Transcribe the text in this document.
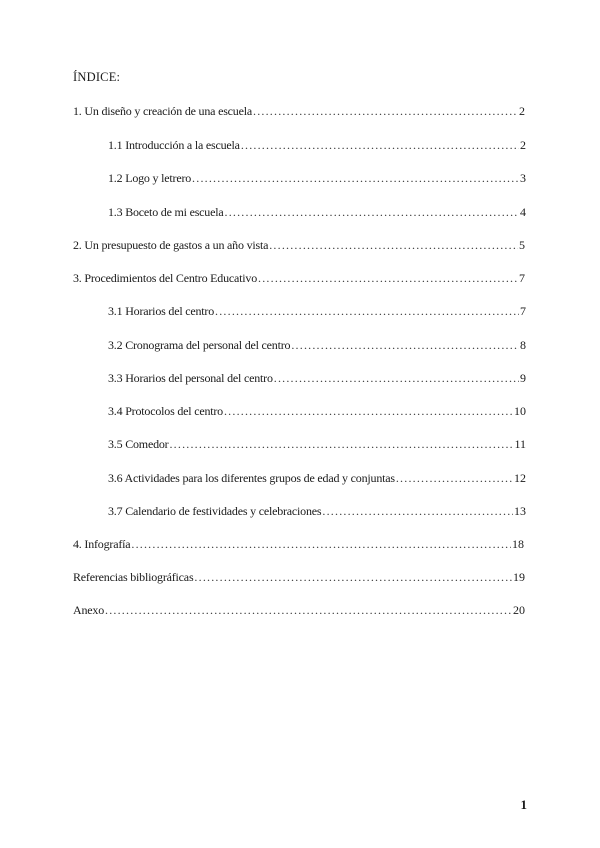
ÍNDICE:
1. Un diseño y creación de una escuela .....	2
1.1 Introducción a la escuela .....	2
1.2 Logo y letrero .....	3
1.3 Boceto de mi escuela .....	4
2. Un presupuesto de gastos a un año vista .....	5
3. Procedimientos del Centro Educativo .....	7
3.1 Horarios del centro .....	7
3.2 Cronograma del personal del centro .....	8
3.3 Horarios del personal del centro .....	9
3.4 Protocolos del centro .....	10
3.5 Comedor .....	11
3.6 Actividades para los diferentes grupos de edad y conjuntas .....	12
3.7 Calendario de festividades y celebraciones .....	13
4. Infografía .....	18
Referencias bibliográficas .....	19
Anexo .....	20
1
